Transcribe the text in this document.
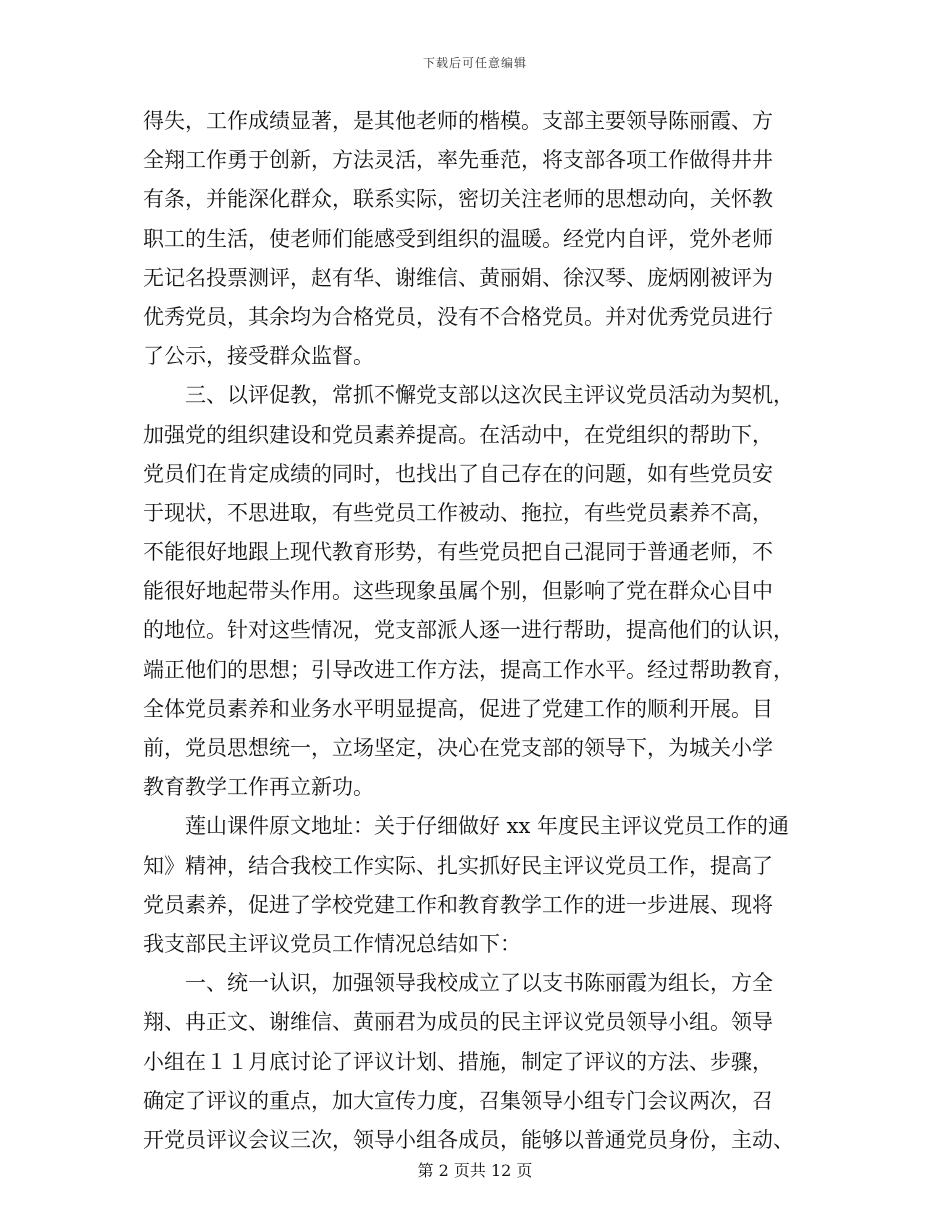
下载后可任意编辑
得失，工作成绩显著，是其他老师的楷模。支部主要领导陈丽霞、方
全翔工作勇于创新，方法灵活，率先垂范，将支部各项工作做得井井
有条，并能深化群众，联系实际，密切关注老师的思想动向，关怀教
职工的生活，使老师们能感受到组织的温暖。经党内自评，党外老师
无记名投票测评，赵有华、谢维信、黄丽娟、徐汉琴、庞炳刚被评为
优秀党员，其余均为合格党员，没有不合格党员。并对优秀党员进行
了公示，接受群众监督。
　　三、以评促教，常抓不懈党支部以这次民主评议党员活动为契机，
加强党的组织建设和党员素养提高。在活动中，在党组织的帮助下，
党员们在肯定成绩的同时，也找出了自己存在的问题，如有些党员安
于现状，不思进取，有些党员工作被动、拖拉，有些党员素养不高，
不能很好地跟上现代教育形势，有些党员把自己混同于普通老师，不
能很好地起带头作用。这些现象虽属个别，但影响了党在群众心目中
的地位。针对这些情况，党支部派人逐一进行帮助，提高他们的认识，
端正他们的思想；引导改进工作方法，提高工作水平。经过帮助教育，
全体党员素养和业务水平明显提高，促进了党建工作的顺利开展。目
前，党员思想统一，立场坚定，决心在党支部的领导下，为城关小学
教育教学工作再立新功。
　　莲山课件原文地址：关于仔细做好 xx 年度民主评议党员工作的通
知》精神，结合我校工作实际、扎实抓好民主评议党员工作，提高了
党员素养，促进了学校党建工作和教育教学工作的进一步进展、现将
我支部民主评议党员工作情况总结如下：
　　一、统一认识，加强领导我校成立了以支书陈丽霞为组长，方全
翔、冉正文、谢维信、黄丽君为成员的民主评议党员领导小组。领导
小组在１１月底讨论了评议计划、措施，制定了评议的方法、步骤，
确定了评议的重点，加大宣传力度，召集领导小组专门会议两次，召
开党员评议会议三次，领导小组各成员，能够以普通党员身份，主动、
第 2 页共 12 页
